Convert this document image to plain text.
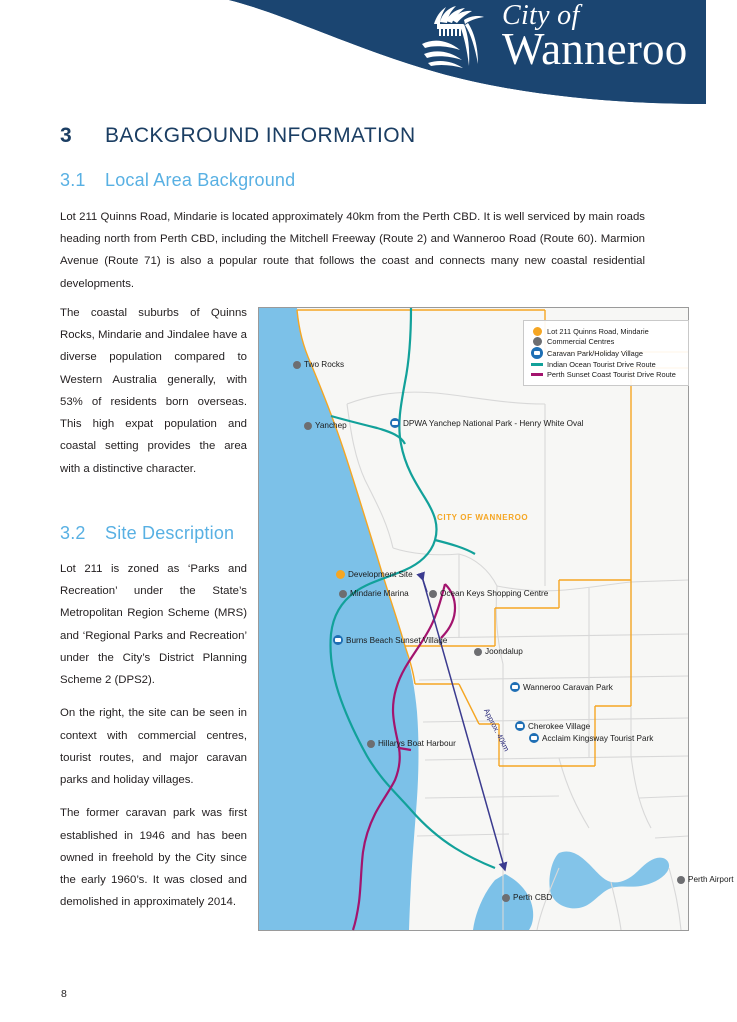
City of
Wanneroo
3 BACKGROUND INFORMATION
3.1 Local Area Background
Lot 211 Quinns Road, Mindarie is located approximately 40km from the Perth CBD. It is well serviced by main roads heading north from Perth CBD, including the Mitchell Freeway (Route 2) and Wanneroo Road (Route 60). Marmion Avenue (Route 71) is also a popular route that follows the coast and connects many new coastal residential developments.

The coastal suburbs of Quinns Rocks, Mindarie and Jindalee have a diverse population compared to Western Australia generally, with 53% of residents born overseas. This high expat population and coastal setting provides the area with a distinctive character.

3.2 Site Description

Lot 211 is zoned as ‘Parks and Recreation’ under the State’s Metropolitan Region Scheme (MRS) and ‘Regional Parks and Recreation’ under the City’s District Planning Scheme 2 (DPS2).

On the right, the site can be seen in context with commercial centres, tourist routes, and major caravan parks and holiday villages.

The former caravan park was first established in 1946 and has been owned in freehold by the City since the early 1960’s. It was closed and demolished in approximately 2014.

8
Lot 211 Quinns Road, Mindarie
Commercial Centres
Caravan Park/Holiday Village
Indian Ocean Tourist Drive Route
Perth Sunset Coast Tourist Drive Route
CITY OF WANNEROO
Approx. 40km
Two Rocks
Yanchep	DPWA Yanchep National Park - Henry White Oval
Development Site
Mindarie Marina	Ocean Keys Shopping Centre
Burns Beach Sunset Village
Joondalup
Wanneroo Caravan Park
Cherokee Village
Acclaim Kingsway Tourist Park
Hillarys Boat Harbour
Perth CBD
Perth Airport
